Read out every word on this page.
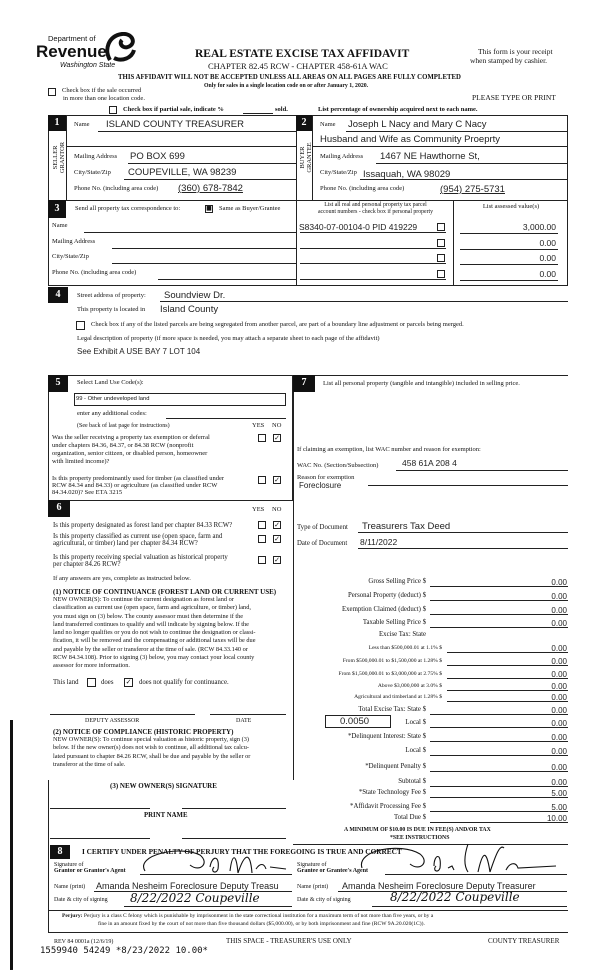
Department of
Revenue
Washington State
REAL ESTATE EXCISE TAX AFFIDAVIT
CHAPTER 82.45 RCW - CHAPTER 458-61A WAC
This form is your receipt
when stamped by cashier.
THIS AFFIDAVIT WILL NOT BE ACCEPTED UNLESS ALL AREAS ON ALL PAGES ARE FULLY COMPLETED
Only for sales in a single location code on or after January 1, 2020.
Check box if the sale occurred
in more than one location code.	PLEASE TYPE OR PRINT
Check box if partial sale, indicate %	sold.	List percentage of ownership acquired next to each name.
1
SELLER
GRANTOR
Name ISLAND COUNTY TREASURER
Mailing Address PO BOX 699
City/State/Zip COUPEVILLE, WA 98239
Phone No. (including area code) (360) 678-7842
2
BUYER
GRANTEE
Name Joseph L Nacy and Mary C Nacy
Husband and Wife as Community Proeprty
Mailing Address 1467 NE Hawthorne St,
City/State/Zip Issaquah, WA 98029
Phone No. (including area code)	(954) 275-5731
3	Send all property tax correspondence to:	■ Same as Buyer/Grantee
Name
Mailing Address
City/State/Zip
Phone No. (including area code)
List all real and personal property tax parcel
account numbers - check box if personal property
List assessed value(s)
S8340-07-00104-0 PID 419229	3,000.00
0.00
0.00
0.00
4	Street address of property: Soundview Dr.
This property is located in Island County
Check box if any of the listed parcels are being segregated from another parcel, are part of a boundary line adjustment or parcels being merged.
Legal description of property (if more space is needed, you may attach a separate sheet to each page of the affidavit)
See Exhibit A USE BAY 7 LOT 104
5	Select Land Use Code(s):
99 - Other undeveloped land
enter any additional codes:
(See back of last page for instructions)	YES NO
Was the seller receiving a property tax exemption or deferral
under chapters 84.36, 84.37, or 84.38 RCW (nonprofit
organization, senior citizen, or disabled person, homeowner
with limited income)?
✓
Is this property predominantly used for timber (as classified under
RCW 84.34 and 84.33) or agriculture (as classified under RCW
84.34.020)? See ETA 3215
✓
6	YES NO
Is this property designated as forest land per chapter 84.33 RCW?	✓
Is this property classified as current use (open space, farm and
agricultural, or timber) land per chapter 84.34 RCW?
✓
Is this property receiving special valuation as historical property
per chapter 84.26 RCW?
✓
If any answers are yes, complete as instructed below.
(1) NOTICE OF CONTINUANCE (FOREST LAND OR CURRENT USE)
NEW OWNER(S): To continue the current designation as forest land or
classification as current use (open space, farm and agriculture, or timber) land,
you must sign on (3) below. The county assessor must then determine if the
land transferred continues to qualify and will indicate by signing below. If the
land no longer qualifies or you do not wish to continue the designation or classi-
fication, it will be removed and the compensating or additional taxes will be due
and payable by the seller or transferor at the time of sale. (RCW 84.33.140 or
RCW 84.34.108). Prior to signing (3) below, you may contact your local county
assessor for more information.
This land	does ✓ does not qualify for continuance.
DEPUTY ASSESSOR	DATE
(2) NOTICE OF COMPLIANCE (HISTORIC PROPERTY)
NEW OWNER(S): To continue special valuation as historic property, sign (3)
below. If the new owner(s) does not wish to continue, all additional tax calcu-
lated pursuant to chapter 84.26 RCW, shall be due and payable by the seller or
transferor at the time of sale.
(3) NEW OWNER(S) SIGNATURE
PRINT NAME
7	List all personal property (tangible and intangible) included in selling price.
If claiming an exemption, list WAC number and reason for exemption:
WAC No. (Section/Subsection)	458 61A 208 4
Reason for exemption
Foreclosure
Type of Document Treasurers Tax Deed
Date of Document 8/11/2022
0.0050
Gross Selling Price $	0.00
Personal Property (deduct) $	0.00
Exemption Claimed (deduct) $	0.00
Taxable Selling Price $	0.00
Excise Tax: State
Less than $500,000.01 at 1.1% $	0.00
From $500,000.01 to $1,500,000 at 1.28% $	0.00
From $1,500,000.01 to $3,000,000 at 2.75% $	0.00
Above $3,000,000 at 3.0% $	0.00
Agricultural and timberland at 1.28% $	0.00
Total Excise Tax: State $	0.00
Local $	0.00
*Delinquent Interest: State $	0.00
Local $	0.00
*Delinquent Penalty $	0.00
Subtotal $	0.00
*State Technology Fee $	5.00
*Affidavit Processing Fee $	5.00
Total Due $	10.00
A MINIMUM OF $10.00 IS DUE IN FEE(S) AND/OR TAX
*SEE INSTRUCTIONS
8	I CERTIFY UNDER PENALTY OF PERJURY THAT THE FOREGOING IS TRUE AND CORRECT
Signature of
Grantor or Grantor's Agent
Name (print) Amanda Nesheim Foreclosure Deputy Treasu
Date & city of signing 8/22/2022 Coupeville
Signature of
Grantee or Grantee's Agent
Name (print) Amanda Nesheim Foreclosure Deputy Treasurer
Date & city of signing	8/22/2022 Coupeville
Perjury: Perjury is a class C felony which is punishable by imprisonment in the state correctional institution for a maximum term of not more than five years, or by a
fine in an amount fixed by the court of not more than five thousand dollars ($5,000.00), or by both imprisonment and fine (RCW 9A.20.020(1C)).
REV 84 0001a (12/6/19)	THIS SPACE - TREASURER'S USE ONLY	COUNTY TREASURER
1559940 54249 *8/23/2022 10.00*
